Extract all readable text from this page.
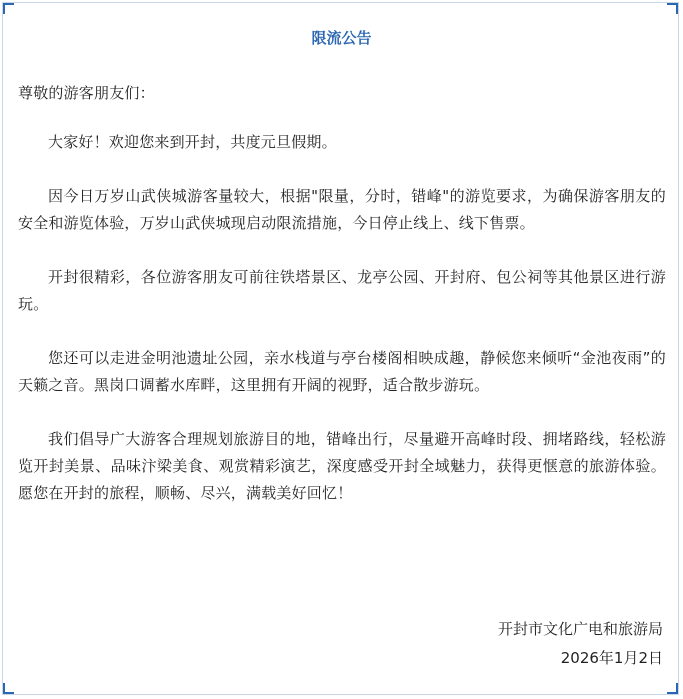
限流公告

尊敬的游客朋友们：

大家好！欢迎您来到开封，共度元旦假期。

因今日万岁山武侠城游客量较大，根据"限量，分时，错峰"的游览要求，为确保游客朋友的安全和游览体验，万岁山武侠城现启动限流措施，今日停止线上、线下售票。

开封很精彩，各位游客朋友可前往铁塔景区、龙亭公园、开封府、包公祠等其他景区进行游玩。

您还可以走进金明池遗址公园，亲水栈道与亭台楼阁相映成趣，静候您来倾听“金池夜雨”的天籁之音。黑岗口调蓄水库畔，这里拥有开阔的视野，适合散步游玩。

我们倡导广大游客合理规划旅游目的地，错峰出行，尽量避开高峰时段、拥堵路线，轻松游览开封美景、品味汴梁美食、观赏精彩演艺，深度感受开封全域魅力，获得更惬意的旅游体验。愿您在开封的旅程，顺畅、尽兴，满载美好回忆！

开封市文化广电和旅游局
2026年1月2日
